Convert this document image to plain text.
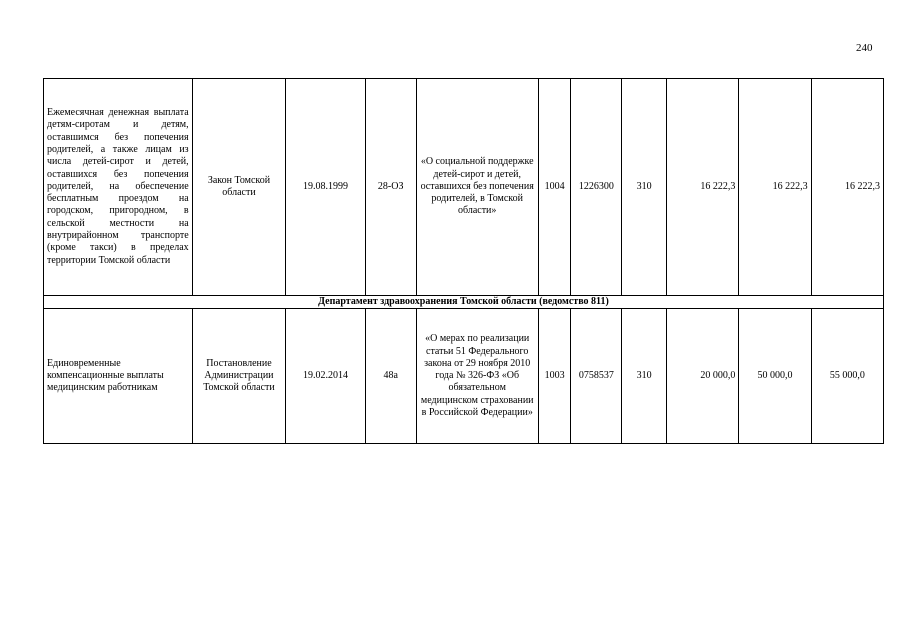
240
Ежемесячная денежная выплата детям-сиротам и детям, оставшимся без попечения родителей, а также лицам из числа детей-сирот и детей, оставшихся без попечения родителей, на обеспечение бесплатным проездом на городском, пригородном, в сельской местности на внутрирайонном транспорте (кроме такси) в пределах территории Томской области	Закон Томской области	19.08.1999	28-ОЗ	«О социальной поддержке детей-сирот и детей, оставшихся без попечения родителей, в Томской области»	1004	1226300	310	16 222,3	16 222,3	16 222,3
Департамент здравоохранения Томской области (ведомство 811)										
Единовременные компенсационные выплаты медицинским работникам	Постановление Администрации Томской области	19.02.2014	48а	«О мерах по реализации статьи 51 Федерального закона от 29 ноября 2010 года № 326-ФЗ «Об обязательном медицинском страховании в Российской Федерации»	1003	0758537	310	20 000,0	50 000,0	55 000,0
